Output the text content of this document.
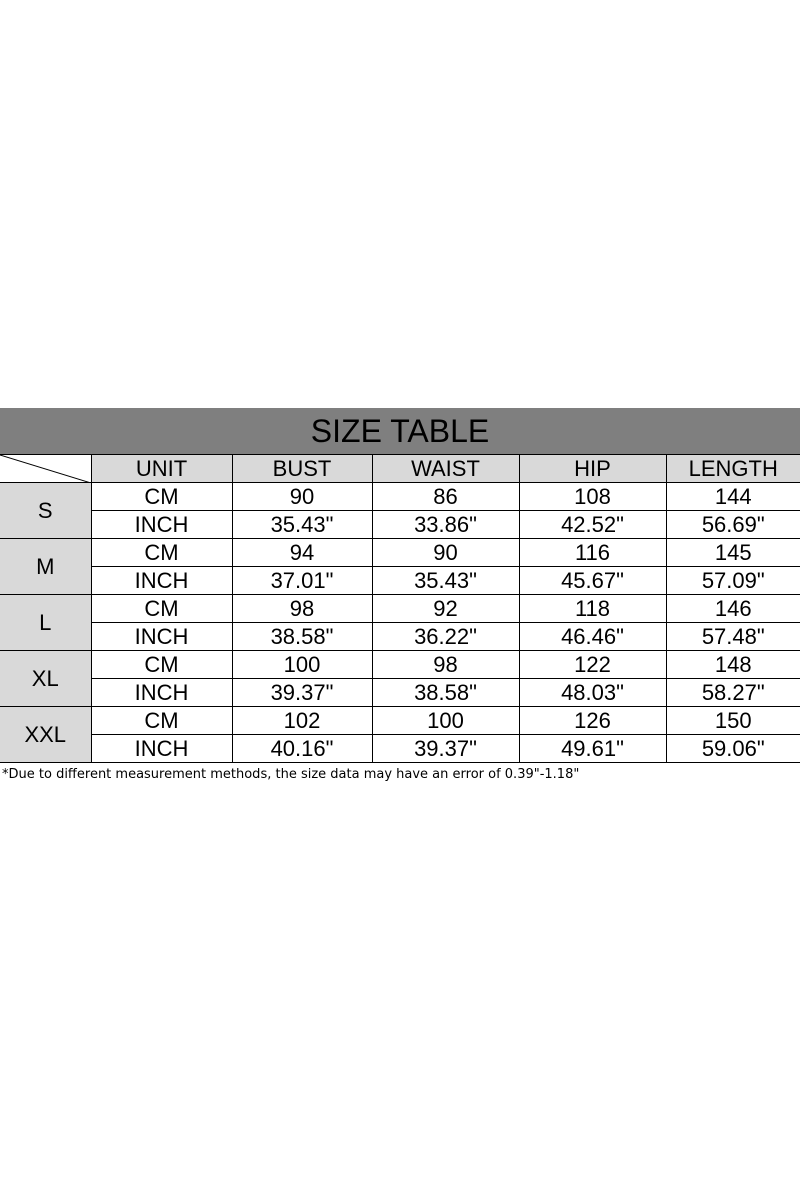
SIZE TABLE
	UNIT	BUST	WAIST	HIP	LENGTH
S	CM	90	86	108	144
	INCH	35.43"	33.86"	42.52"	56.69"
M	CM	94	90	116	145
	INCH	37.01"	35.43"	45.67"	57.09"
L	CM	98	92	118	146
	INCH	38.58"	36.22"	46.46"	57.48"
XL	CM	100	98	122	148
	INCH	39.37"	38.58"	48.03"	58.27"
XXL	CM	102	100	126	150
	INCH	40.16"	39.37"	49.61"	59.06"
*Due to different measurement methods, the size data may have an error of 0.39"-1.18"
